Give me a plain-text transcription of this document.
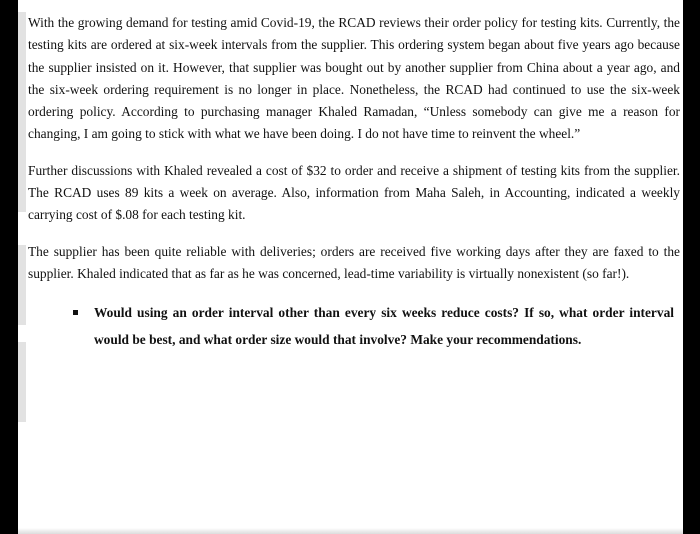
With the growing demand for testing amid Covid-19, the RCAD reviews their order policy for testing kits. Currently, the testing kits are ordered at six-week intervals from the supplier. This ordering system began about five years ago because the supplier insisted on it. However, that supplier was bought out by another supplier from China about a year ago, and the six-week ordering requirement is no longer in place. Nonetheless, the RCAD had continued to use the six-week ordering policy. According to purchasing manager Khaled Ramadan, “Unless somebody can give me a reason for changing, I am going to stick with what we have been doing. I do not have time to reinvent the wheel.”

Further discussions with Khaled revealed a cost of $32 to order and receive a shipment of testing kits from the supplier. The RCAD uses 89 kits a week on average. Also, information from Maha Saleh, in Accounting, indicated a weekly carrying cost of $.08 for each testing kit.

The supplier has been quite reliable with deliveries; orders are received five working days after they are faxed to the supplier. Khaled indicated that as far as he was concerned, lead-time variability is virtually nonexistent (so far!).

Would using an order interval other than every six weeks reduce costs? If so, what order interval would be best, and what order size would that involve? Make your recommendations.
